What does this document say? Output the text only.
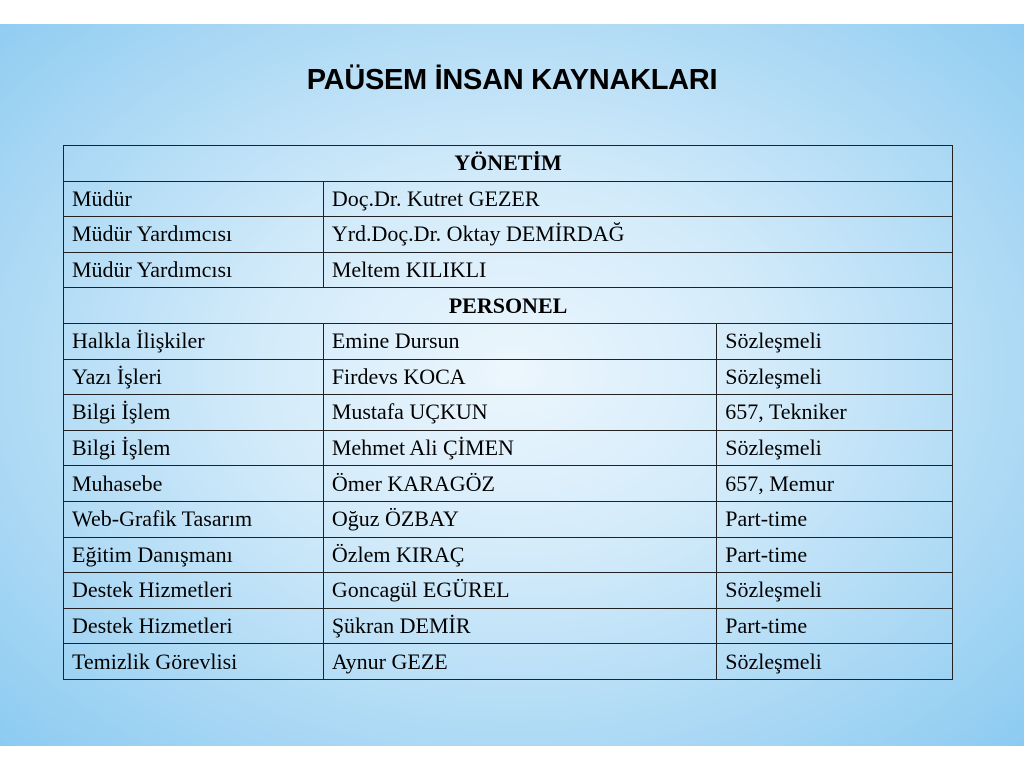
PAÜSEM İNSAN KAYNAKLARI
YÖNETİM		
Müdür	Doç.Dr. Kutret GEZER	
Müdür Yardımcısı	Yrd.Doç.Dr. Oktay DEMİRDAĞ	
Müdür Yardımcısı	Meltem KILIKLI	
PERSONEL		
Halkla İlişkiler	Emine Dursun	Sözleşmeli
Yazı İşleri	Firdevs KOCA	Sözleşmeli
Bilgi İşlem	Mustafa UÇKUN	657, Tekniker
Bilgi İşlem	Mehmet Ali ÇİMEN	Sözleşmeli
Muhasebe	Ömer KARAGÖZ	657, Memur
Web-Grafik Tasarım	Oğuz ÖZBAY	Part-time
Eğitim Danışmanı	Özlem KIRAÇ	Part-time
Destek Hizmetleri	Goncagül EGÜREL	Sözleşmeli
Destek Hizmetleri	Şükran DEMİR	Part-time
Temizlik Görevlisi	Aynur GEZE	Sözleşmeli
